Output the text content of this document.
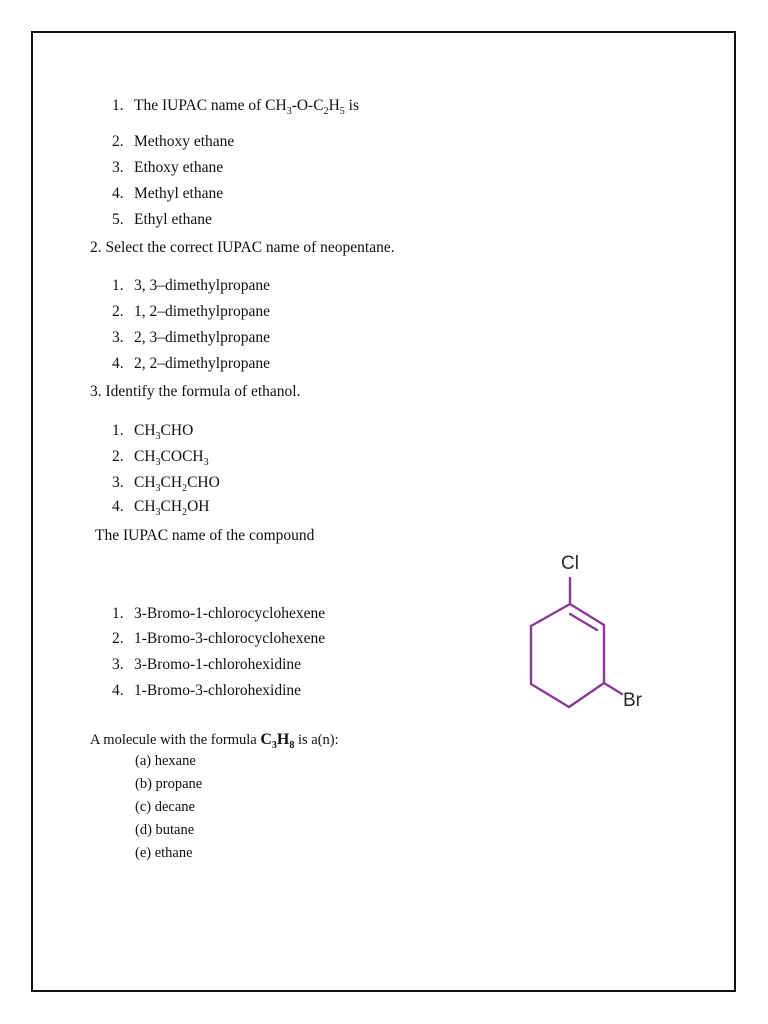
1. The IUPAC name of $CH_3-O-C_2H_5$ is
2. Methoxy ethane
3. Ethoxy ethane
4. Methyl ethane
5. Ethyl ethane
2. Select the correct IUPAC name of neopentane.
1. 3, 3–dimethylpropane
2. 1, 2–dimethylpropane
3. 2, 3–dimethylpropane
4. 2, 2–dimethylpropane
3. Identify the formula of ethanol.
1. $CH_3CHO$
2. $CH_3COCH_3$
3. $CH_3CH_2CHO$
4. $CH_3CH_2OH$
The IUPAC name of the compound
1. 3-Bromo-1-chlorocyclohexene
2. 1-Bromo-3-chlorocyclohexene
3. 3-Bromo-1-chlorohexidine
4. 1-Bromo-3-chlorohexidine
Cl
Br
A molecule with the formula $C_3H_8$ is a(n):
(a) hexane
(b) propane
(c) decane
(d) butane
(e) ethane
